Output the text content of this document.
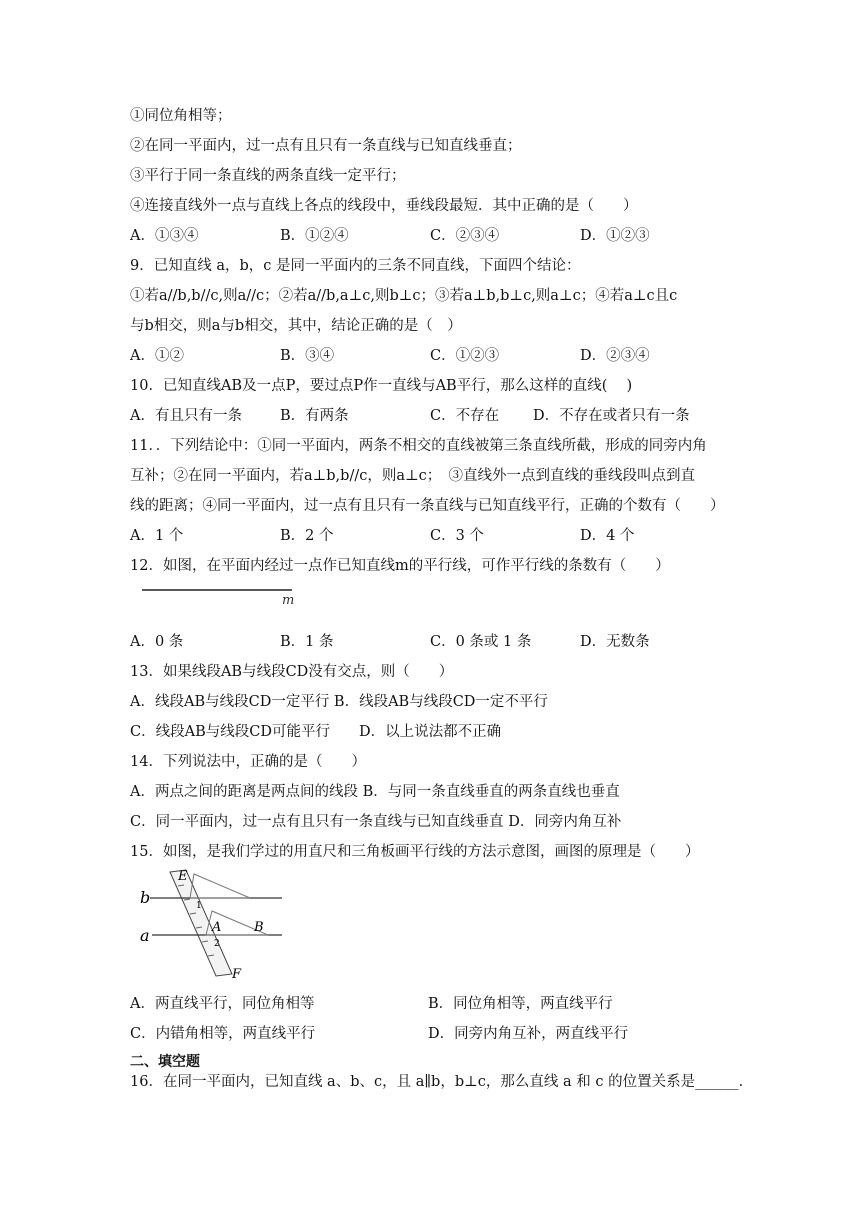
①同位角相等；
②在同一平面内，过一点有且只有一条直线与已知直线垂直；
③平行于同一条直线的两条直线一定平行；
④连接直线外一点与直线上各点的线段中，垂线段最短．其中正确的是（　　）
A．①③④	B．①②④	C．②③④	D．①②③
9．已知直线 a，b，c 是同一平面内的三条不同直线，下面四个结论：
①若a//b,b//c,则a//c；②若a//b,a⊥c,则b⊥c；③若a⊥b,b⊥c,则a⊥c；④若a⊥c且c
与b相交，则a与b相交，其中，结论正确的是（　）
A．①②	B．③④	C．①②③	D．②③④
10．已知直线AB及一点P，要过点P作一直线与AB平行，那么这样的直线(　 )
A．有且只有一条	B．有两条	C．不存在 D．不存在或者只有一条
11．．下列结论中：①同一平面内，两条不相交的直线被第三条直线所截，形成的同旁内角
互补；②在同一平面内，若a⊥b,b//c，则a⊥c；　③直线外一点到直线的垂线段叫点到直
线的距离；④同一平面内，过一点有且只有一条直线与已知直线平行，正确的个数有（　　）
A．1 个	B．2 个	C．3 个	D．4 个
12．如图，在平面内经过一点作已知直线m的平行线，可作平行线的条数有（　　）
m
A．0 条	B．1 条	C．0 条或 1 条	D．无数条
13．如果线段AB与线段CD没有交点，则（　　）
A．线段AB与线段CD一定平行 B．线段AB与线段CD一定不平行
C．线段AB与线段CD可能平行　　D．以上说法都不正确
14．下列说法中，正确的是（　　）
A．两点之间的距离是两点间的线段 B．与同一条直线垂直的两条直线也垂直
C．同一平面内，过一点有且只有一条直线与已知直线垂直 D．同旁内角互补
15．如图，是我们学过的用直尺和三角板画平行线的方法示意图，画图的原理是（　　）
b
a
E
F
A	B
1
2
A．两直线平行，同位角相等	B．同位角相等，两直线平行
C．内错角相等，两直线平行	D．同旁内角互补，两直线平行
二、填空题
16．在同一平面内，已知直线 a、b、c，且 a∥b，b⊥c，那么直线 a 和 c 的位置关系是______．
